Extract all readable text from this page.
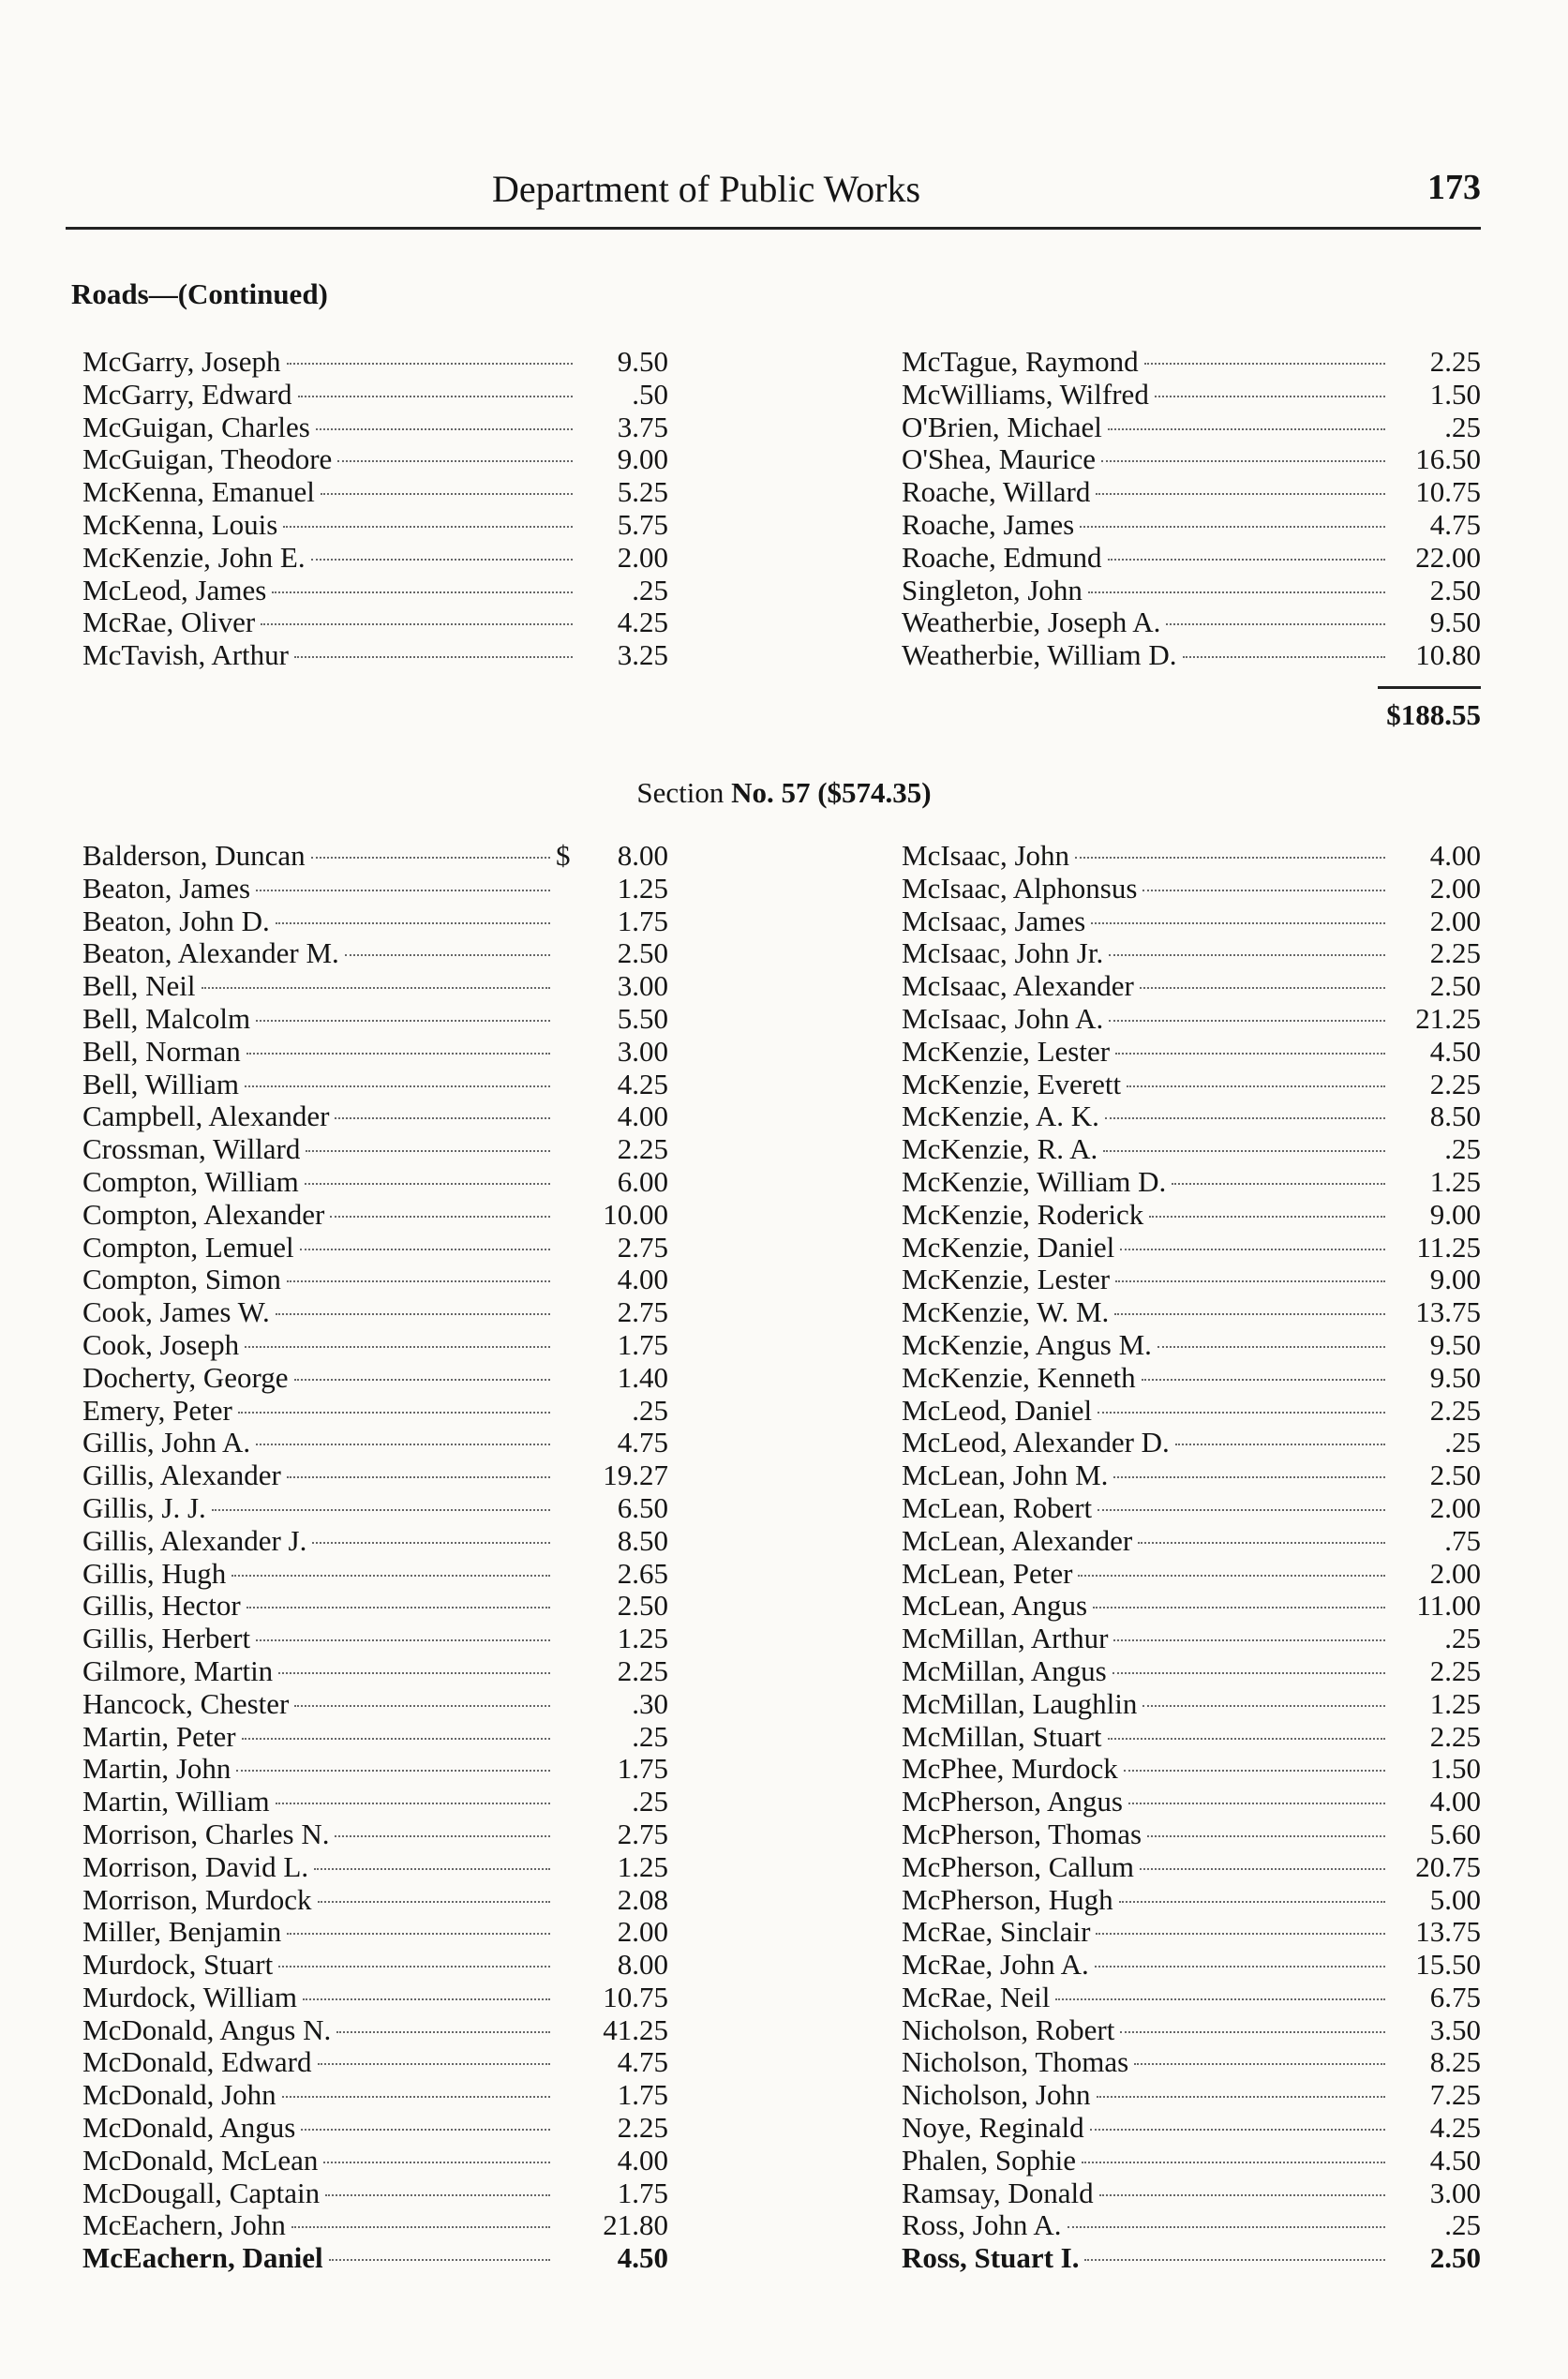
Department of Public Works	173
Roads—(Continued)
McGarry, Joseph	9.50
McGarry, Edward	.50
McGuigan, Charles	3.75
McGuigan, Theodore	9.00
McKenna, Emanuel	5.25
McKenna, Louis	5.75
McKenzie, John E.	2.00
McLeod, James	.25
McRae, Oliver	4.25
McTavish, Arthur	3.25
McTague, Raymond	2.25
McWilliams, Wilfred	1.50
O'Brien, Michael	.25
O'Shea, Maurice	16.50
Roache, Willard	10.75
Roache, James	4.75
Roache, Edmund	22.00
Singleton, John	2.50
Weatherbie, Joseph A.	9.50
Weatherbie, William D.	10.80
$188.55
Section No. 57 ($574.35)
Balderson, Duncan	$	8.00
Beaton, James	1.25
Beaton, John D.	1.75
Beaton, Alexander M.	2.50
Bell, Neil	3.00
Bell, Malcolm	5.50
Bell, Norman	3.00
Bell, William	4.25
Campbell, Alexander	4.00
Crossman, Willard	2.25
Compton, William	6.00
Compton, Alexander	10.00
Compton, Lemuel	2.75
Compton, Simon	4.00
Cook, James W.	2.75
Cook, Joseph	1.75
Docherty, George	1.40
Emery, Peter	.25
Gillis, John A.	4.75
Gillis, Alexander	19.27
Gillis, J. J.	6.50
Gillis, Alexander J.	8.50
Gillis, Hugh	2.65
Gillis, Hector	2.50
Gillis, Herbert	1.25
Gilmore, Martin	2.25
Hancock, Chester	.30
Martin, Peter	.25
Martin, John	1.75
Martin, William	.25
Morrison, Charles N.	2.75
Morrison, David L.	1.25
Morrison, Murdock	2.08
Miller, Benjamin	2.00
Murdock, Stuart	8.00
Murdock, William	10.75
McDonald, Angus N.	41.25
McDonald, Edward	4.75
McDonald, John	1.75
McDonald, Angus	2.25
McDonald, McLean	4.00
McDougall, Captain	1.75
McEachern, John	21.80
McEachern, Daniel	4.50
McIsaac, John	4.00
McIsaac, Alphonsus	2.00
McIsaac, James	2.00
McIsaac, John Jr.	2.25
McIsaac, Alexander	2.50
McIsaac, John A.	21.25
McKenzie, Lester	4.50
McKenzie, Everett	2.25
McKenzie, A. K.	8.50
McKenzie, R. A.	.25
McKenzie, William D.	1.25
McKenzie, Roderick	9.00
McKenzie, Daniel	11.25
McKenzie, Lester	9.00
McKenzie, W. M.	13.75
McKenzie, Angus M.	9.50
McKenzie, Kenneth	9.50
McLeod, Daniel	2.25
McLeod, Alexander D.	.25
McLean, John M.	2.50
McLean, Robert	2.00
McLean, Alexander	.75
McLean, Peter	2.00
McLean, Angus	11.00
McMillan, Arthur	.25
McMillan, Angus	2.25
McMillan, Laughlin	1.25
McMillan, Stuart	2.25
McPhee, Murdock	1.50
McPherson, Angus	4.00
McPherson, Thomas	5.60
McPherson, Callum	20.75
McPherson, Hugh	5.00
McRae, Sinclair	13.75
McRae, John A.	15.50
McRae, Neil	6.75
Nicholson, Robert	3.50
Nicholson, Thomas	8.25
Nicholson, John	7.25
Noye, Reginald	4.25
Phalen, Sophie	4.50
Ramsay, Donald	3.00
Ross, John A.	.25
Ross, Stuart I.	2.50
